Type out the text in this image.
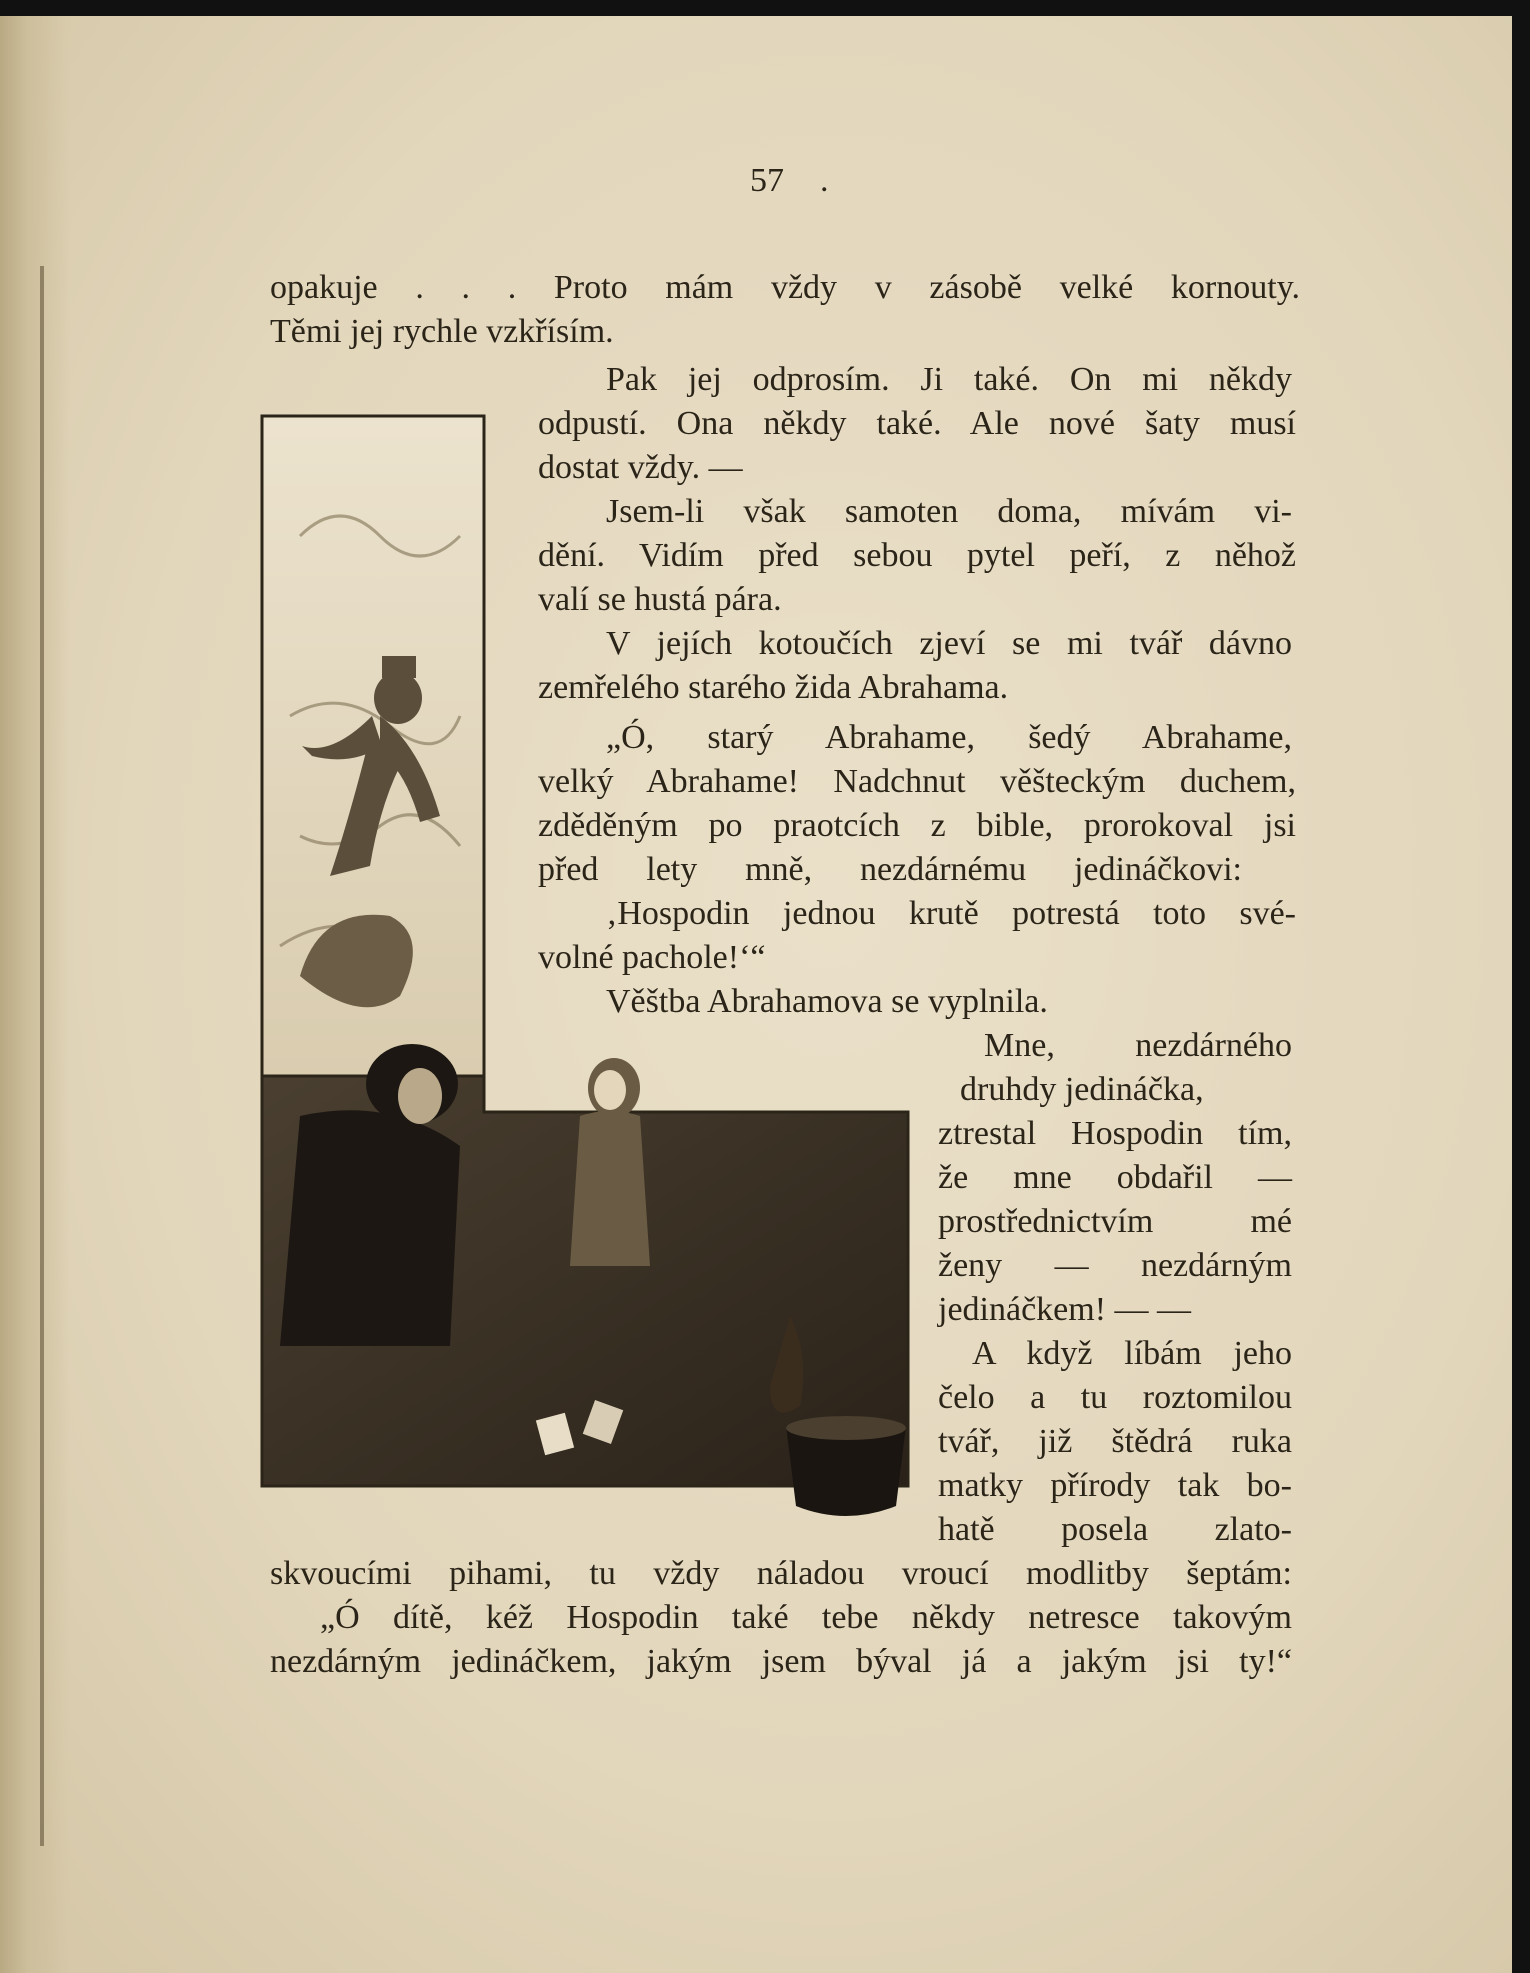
57 .

opakuje . . . Proto mám vždy v zásobě velké kornouty.

Těmi jej rychle vzkřísím.

Pak jej odprosím. Ji také. On mi někdy

odpustí. Ona někdy také. Ale nové šaty musí

dostat vždy. —

Jsem-li však samoten doma, mívám vi-

dění. Vidím před sebou pytel peří, z něhož

valí se hustá pára.

V jejích kotoučích zjeví se mi tvář dávno

zemřelého starého žida Abrahama.

„Ó, starý Abrahame, šedý Abrahame,

velký Abrahame! Nadchnut věšteckým duchem,

zděděným po praotcích z bible, prorokoval jsi

před lety mně, nezdárnému jedináčkovi:

‚Hospodin jednou krutě potrestá toto své-

volné pachole!‘“

Věštba Abrahamova se vyplnila.

Mne, nezdárného

druhdy jedináčka,

ztrestal Hospodin tím,

že mne obdařil —

prostřednictvím mé

ženy — nezdárným

jedináčkem! — —

A když líbám jeho

čelo a tu roztomilou

tvář, již štědrá ruka

matky přírody tak bo-

hatě posela zlato-

skvoucími pihami, tu vždy náladou vroucí modlitby šeptám:

„Ó dítě, kéž Hospodin také tebe někdy netresce takovým

nezdárným jedináčkem, jakým jsem býval já a jakým jsi ty!“
